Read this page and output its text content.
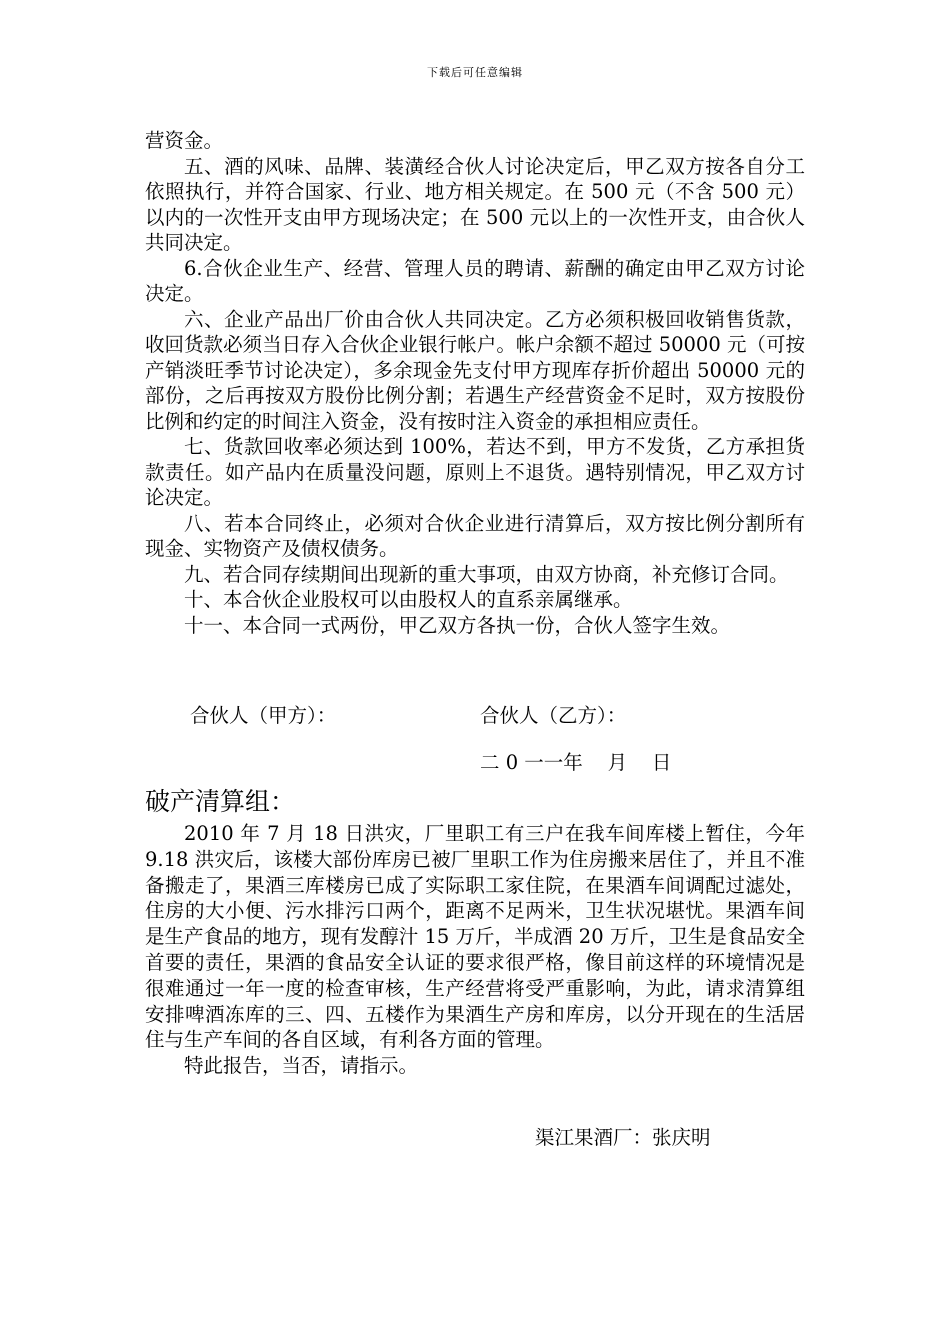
下载后可任意编辑

营资金。

五、酒的风味、品牌、装潢经合伙人讨论决定后，甲乙双方按各自分工依照执行，并符合国家、行业、地方相关规定。在 500 元（不含 500 元）以内的一次性开支由甲方现场决定；在 500 元以上的一次性开支，由合伙人共同决定。

6.合伙企业生产、经营、管理人员的聘请、薪酬的确定由甲乙双方讨论决定。

六、企业产品出厂价由合伙人共同决定。乙方必须积极回收销售货款，收回货款必须当日存入合伙企业银行帐户。帐户余额不超过 50000 元（可按产销淡旺季节讨论决定），多余现金先支付甲方现库存折价超出 50000 元的部份，之后再按双方股份比例分割；若遇生产经营资金不足时，双方按股份比例和约定的时间注入资金，没有按时注入资金的承担相应责任。

七、货款回收率必须达到 100%，若达不到，甲方不发货，乙方承担货款责任。如产品内在质量没问题，原则上不退货。遇特别情况，甲乙双方讨论决定。

八、若本合同终止，必须对合伙企业进行清算后，双方按比例分割所有现金、实物资产及债权债务。

九、若合同存续期间出现新的重大事项，由双方协商，补充修订合同。

十、本合伙企业股权可以由股权人的直系亲属继承。

十一、本合同一式两份，甲乙双方各执一份，合伙人签字生效。

合伙人（甲方）：	合伙人（乙方）：
二 0 一一年    月    日
破产清算组：

2010 年 7 月 18 日洪灾，厂里职工有三户在我车间库楼上暂住，今年 9.18 洪灾后，该楼大部份库房已被厂里职工作为住房搬来居住了，并且不准备搬走了，果酒三库楼房已成了实际职工家住院，在果酒车间调配过滤处，住房的大小便、污水排污口两个，距离不足两米，卫生状况堪忧。果酒车间是生产食品的地方，现有发醇汁 15 万斤，半成酒 20 万斤，卫生是食品安全首要的责任，果酒的食品安全认证的要求很严格，像目前这样的环境情况是很难通过一年一度的检查审核，生产经营将受严重影响，为此，请求清算组安排啤酒冻库的三、四、五楼作为果酒生产房和库房，以分开现在的生活居住与生产车间的各自区域，有利各方面的管理。

特此报告，当否，请指示。

渠江果酒厂：张庆明
